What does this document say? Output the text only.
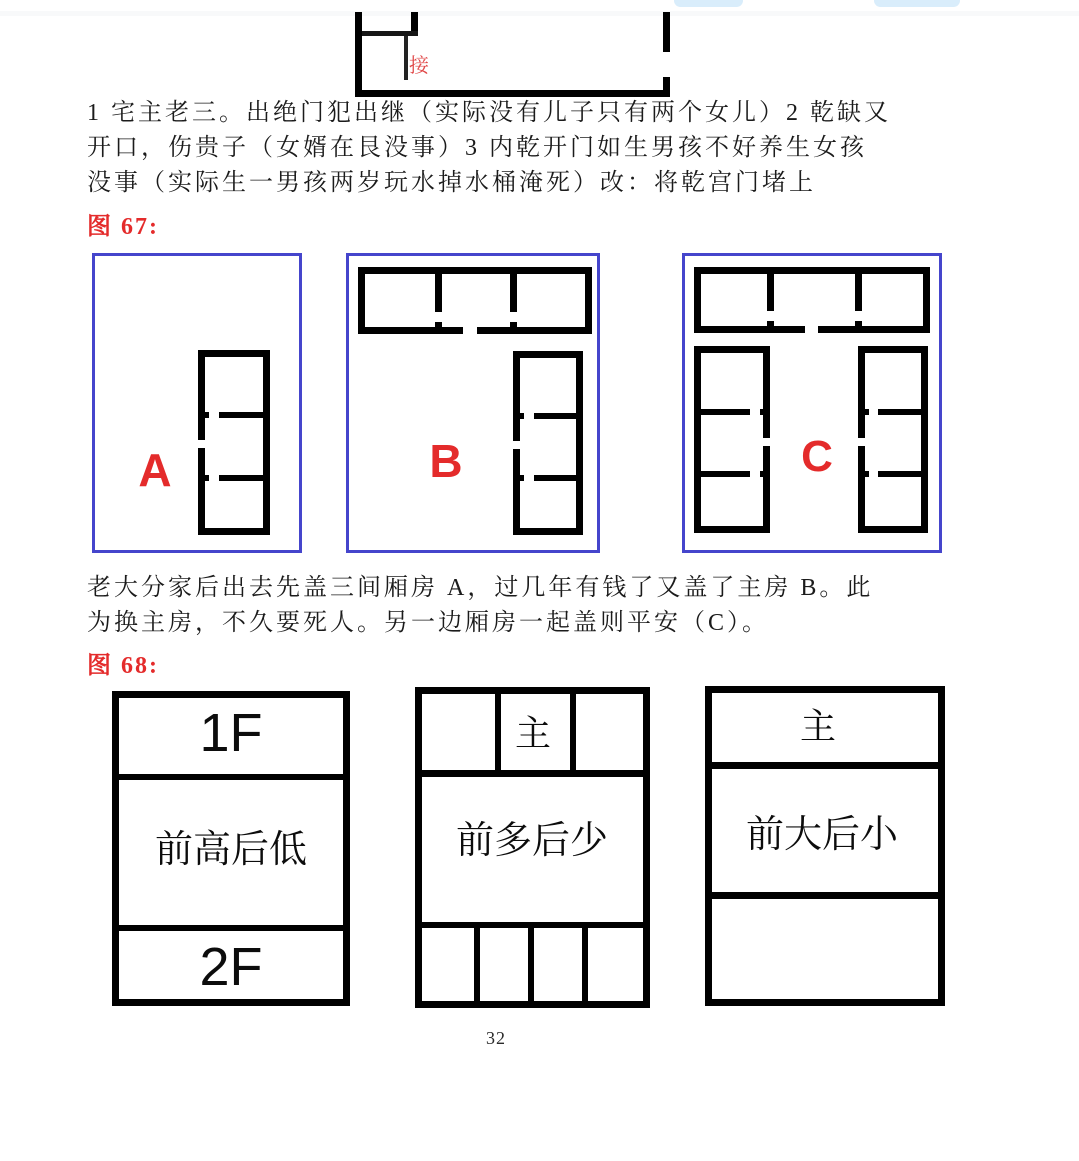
接
1 宅主老三。出绝门犯出继（实际没有儿子只有两个女儿）2 乾缺又
开口，伤贵子（女婿在艮没事）3 内乾开门如生男孩不好养生女孩
没事（实际生一男孩两岁玩水掉水桶淹死）改：将乾宫门堵上
图 67:
A	B	C
老大分家后出去先盖三间厢房 A，过几年有钱了又盖了主房 B。此
为换主房，不久要死人。另一边厢房一起盖则平安（C）。
图 68:
1F
前高后低
2F
主
前多后少
主
前大后小
32
